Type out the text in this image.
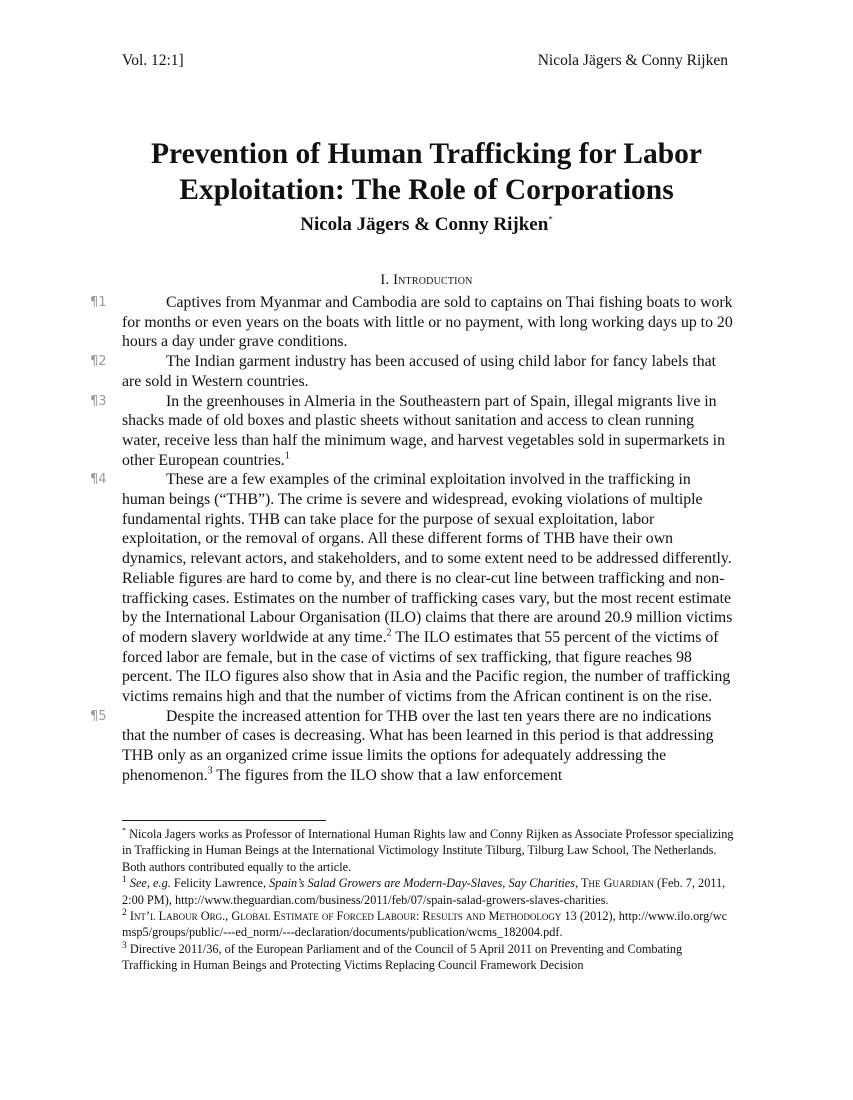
Vol. 12:1]	Nicola Jägers & Conny Rijken
Prevention of Human Trafficking for Labor
Exploitation: The Role of Corporations
Nicola Jägers & Conny Rijken*
I. Introduction

¶1	Captives from Myanmar and Cambodia are sold to captains on Thai fishing boats to work for months or even years on the boats with little or no payment, with long working days up to 20 hours a day under grave conditions.

¶2	The Indian garment industry has been accused of using child labor for fancy labels that are sold in Western countries.

¶3	In the greenhouses in Almeria in the Southeastern part of Spain, illegal migrants live in shacks made of old boxes and plastic sheets without sanitation and access to clean running water, receive less than half the minimum wage, and harvest vegetables sold in supermarkets in other European countries.$^1$

¶4	These are a few examples of the criminal exploitation involved in the trafficking in human beings (“THB”). The crime is severe and widespread, evoking violations of multiple fundamental rights. THB can take place for the purpose of sexual exploitation, labor exploitation, or the removal of organs. All these different forms of THB have their own dynamics, relevant actors, and stakeholders, and to some extent need to be addressed differently. Reliable figures are hard to come by, and there is no clear-cut line between trafficking and non-trafficking cases. Estimates on the number of trafficking cases vary, but the most recent estimate by the International Labour Organisation (ILO) claims that there are around 20.9 million victims of modern slavery worldwide at any time.$^2$ The ILO estimates that 55 percent of the victims of forced labor are female, but in the case of victims of sex trafficking, that figure reaches 98 percent. The ILO figures also show that in Asia and the Pacific region, the number of trafficking victims remains high and that the number of victims from the African continent is on the rise.

¶5	Despite the increased attention for THB over the last ten years there are no indications that the number of cases is decreasing. What has been learned in this period is that addressing THB only as an organized crime issue limits the options for adequately addressing the phenomenon.$^3$ The figures from the ILO show that a law enforcement

* Nicola Jagers works as Professor of International Human Rights law and Conny Rijken as Associate Professor specializing in Trafficking in Human Beings at the International Victimology Institute Tilburg, Tilburg Law School, The Netherlands. Both authors contributed equally to the article.

$^1$ See, e.g. Felicity Lawrence, Spain’s Salad Growers are Modern-Day-Slaves, Say Charities, The Guardian (Feb. 7, 2011, 2:00 PM), http://www.theguardian.com/business/2011/feb/07/spain-salad-growers-slaves-charities.

$^2$ Int’l Labour Org., Global Estimate of Forced Labour: Results and Methodology 13 (2012), http://www.ilo.org/wcmsp5/groups/public/---ed_norm/---declaration/documents/publication/wcms_182004.pdf.

$^3$ Directive 2011/36, of the European Parliament and of the Council of 5 April 2011 on Preventing and Combating Trafficking in Human Beings and Protecting Victims Replacing Council Framework Decision
